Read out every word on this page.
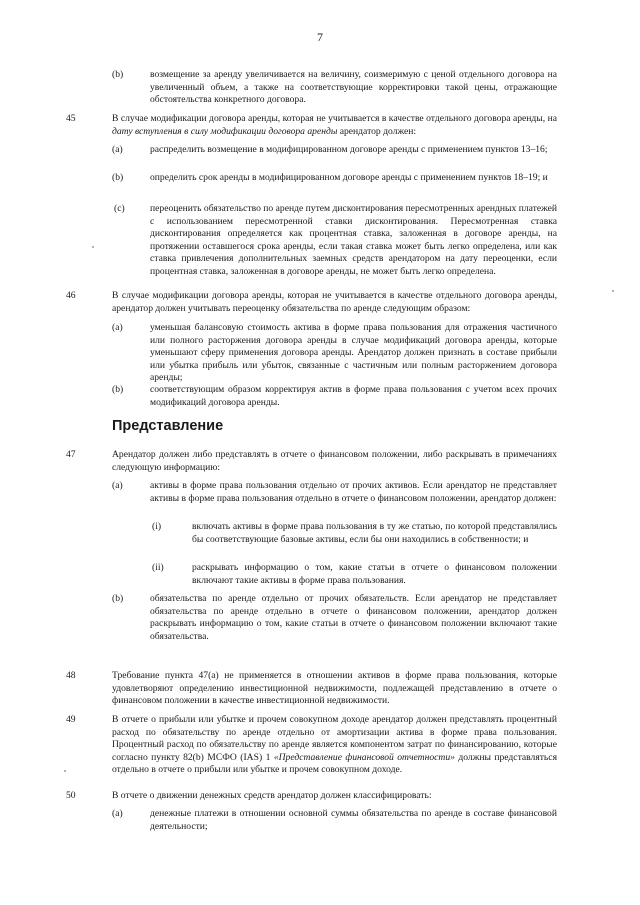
7
(b)	возмещение за аренду увеличивается на величину, соизмеримую с ценой отдельного договора на увеличенный объем, а также на соответствующие корректировки такой цены, отражающие обстоятельства конкретного договора.
45	В случае модификации договора аренды, которая не учитывается в качестве отдельного договора аренды, на дату вступления в силу модификации договора аренды арендатор должен:
(a)	распределить возмещение в модифицированном договоре аренды с применением пунктов 13–16;
(b)	определить срок аренды в модифицированном договоре аренды с применением пунктов 18–19; и
(c)	переоценить обязательство по аренде путем дисконтирования пересмотренных арендных платежей с использованием пересмотренной ставки дисконтирования. Пересмотренная ставка дисконтирования определяется как процентная ставка, заложенная в договоре аренды, на протяжении оставшегося срока аренды, если такая ставка может быть легко определена, или как ставка привлечения дополнительных заемных средств арендатором на дату переоценки, если процентная ставка, заложенная в договоре аренды, не может быть легко определена.
46	В случае модификации договора аренды, которая не учитывается в качестве отдельного договора аренды, арендатор должен учитывать переоценку обязательства по аренде следующим образом:
(a)	уменьшая балансовую стоимость актива в форме права пользования для отражения частичного или полного расторжения договора аренды в случае модификаций договора аренды, которые уменьшают сферу применения договора аренды. Арендатор должен признать в составе прибыли или убытка прибыль или убыток, связанные с частичным или полным расторжением договора аренды;
(b)	соответствующим образом корректируя актив в форме права пользования с учетом всех прочих модификаций договора аренды.
Представление
47	Арендатор должен либо представлять в отчете о финансовом положении, либо раскрывать в примечаниях следующую информацию:
(a)	активы в форме права пользования отдельно от прочих активов. Если арендатор не представляет активы в форме права пользования отдельно в отчете о финансовом положении, арендатор должен:
(i)	включать активы в форме права пользования в ту же статью, по которой представлялись бы соответствующие базовые активы, если бы они находились в собственности; и
(ii)	раскрывать информацию о том, какие статьи в отчете о финансовом положении включают такие активы в форме права пользования.
(b)	обязательства по аренде отдельно от прочих обязательств. Если арендатор не представляет обязательства по аренде отдельно в отчете о финансовом положении, арендатор должен раскрывать информацию о том, какие статьи в отчете о финансовом положении включают такие обязательства.
48	Требование пункта 47(a) не применяется в отношении активов в форме права пользования, которые удовлетворяют определению инвестиционной недвижимости, подлежащей представлению в отчете о финансовом положении в качестве инвестиционной недвижимости.
49	В отчете о прибыли или убытке и прочем совокупном доходе арендатор должен представлять процентный расход по обязательству по аренде отдельно от амортизации актива в форме права пользования. Процентный расход по обязательству по аренде является компонентом затрат по финансированию, которые согласно пункту 82(b) МСФО (IAS) 1 «Представление финансовой отчетности» должны представляться отдельно в отчете о прибыли или убытке и прочем совокупном доходе.
50	В отчете о движении денежных средств арендатор должен классифицировать:
(a)	денежные платежи в отношении основной суммы обязательства по аренде в составе финансовой деятельности;
